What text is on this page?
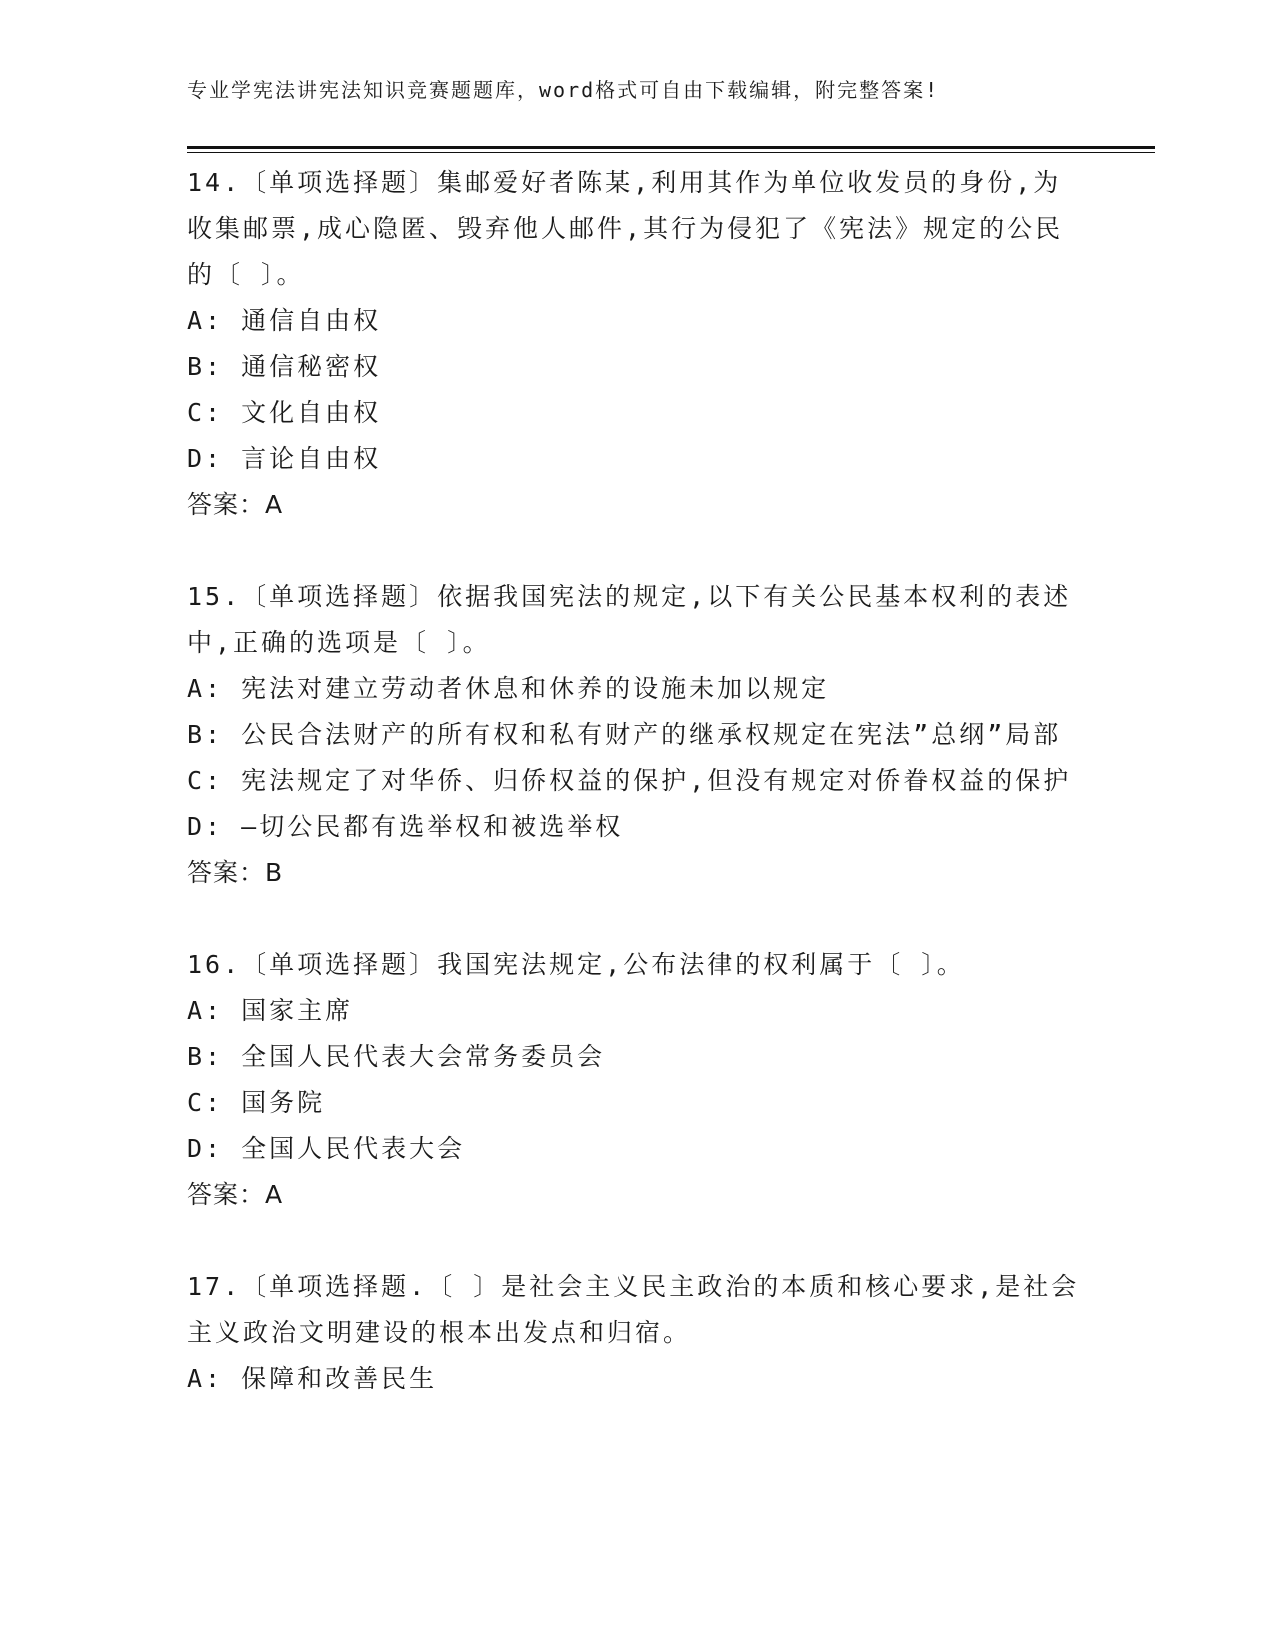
专业学宪法讲宪法知识竞赛题题库，word格式可自由下载编辑，附完整答案!

14.〔单项选择题〕集邮爱好者陈某,利用其作为单位收发员的身份,为收集邮票,成心隐匿、毁弃他人邮件,其行为侵犯了《宪法》规定的公民的〔 〕。

A: 通信自由权

B: 通信秘密权

C: 文化自由权

D: 言论自由权

答案：A

15.〔单项选择题〕依据我国宪法的规定,以下有关公民基本权利的表述中,正确的选项是〔 〕。

A: 宪法对建立劳动者休息和休养的设施未加以规定

B: 公民合法财产的所有权和私有财产的继承权规定在宪法”总纲”局部

C: 宪法规定了对华侨、归侨权益的保护,但没有规定对侨眷权益的保护

D: —切公民都有选举权和被选举权

答案：B

16.〔单项选择题〕我国宪法规定,公布法律的权利属于〔 〕。

A: 国家主席

B: 全国人民代表大会常务委员会

C: 国务院

D: 全国人民代表大会

答案：A

17.〔单项选择题.〔 〕是社会主义民主政治的本质和核心要求,是社会主义政治文明建设的根本出发点和归宿。

A: 保障和改善民生
